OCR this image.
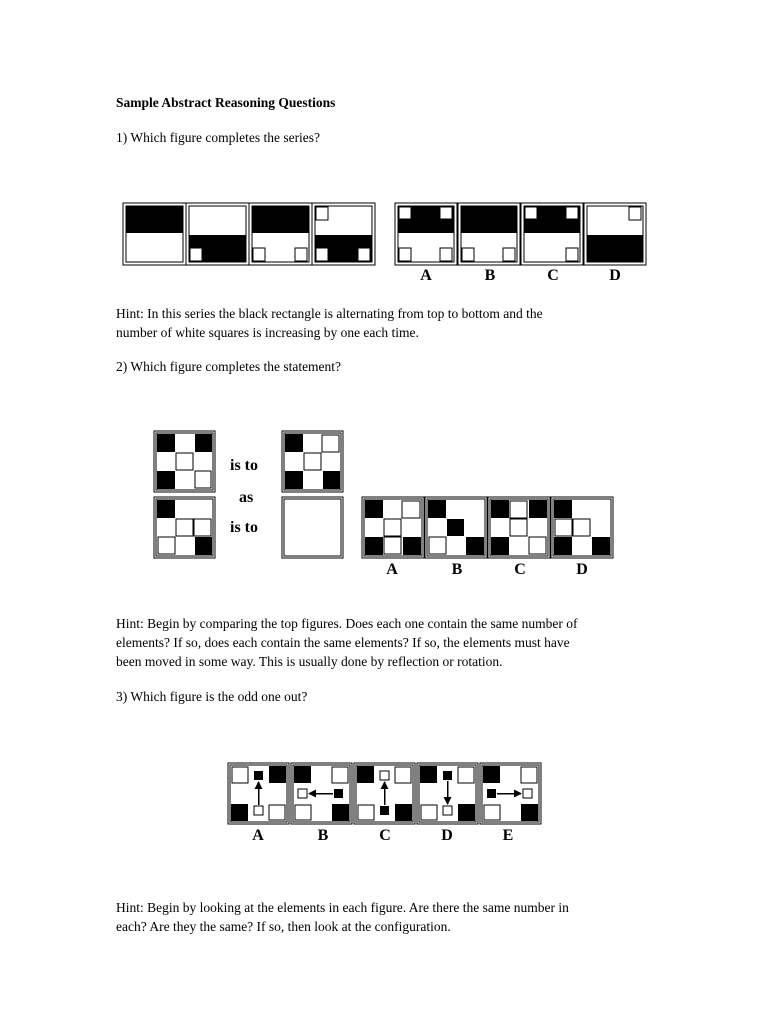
Sample Abstract Reasoning Questions
1) Which figure completes the series?
A	B	C	D
Hint: In this series the black rectangle is alternating from top to bottom and the
number of white squares is increasing by one each time.
2) Which figure completes the statement?
is to
as
is to
A	B	C	D
Hint: Begin by comparing the top figures. Does each one contain the same number of
elements? If so, does each contain the same elements? If so, the elements must have
been moved in some way. This is usually done by reflection or rotation.
3) Which figure is the odd one out?
A	B	C	D	E
Hint: Begin by looking at the elements in each figure. Are there the same number in
each? Are they the same? If so, then look at the configuration.
